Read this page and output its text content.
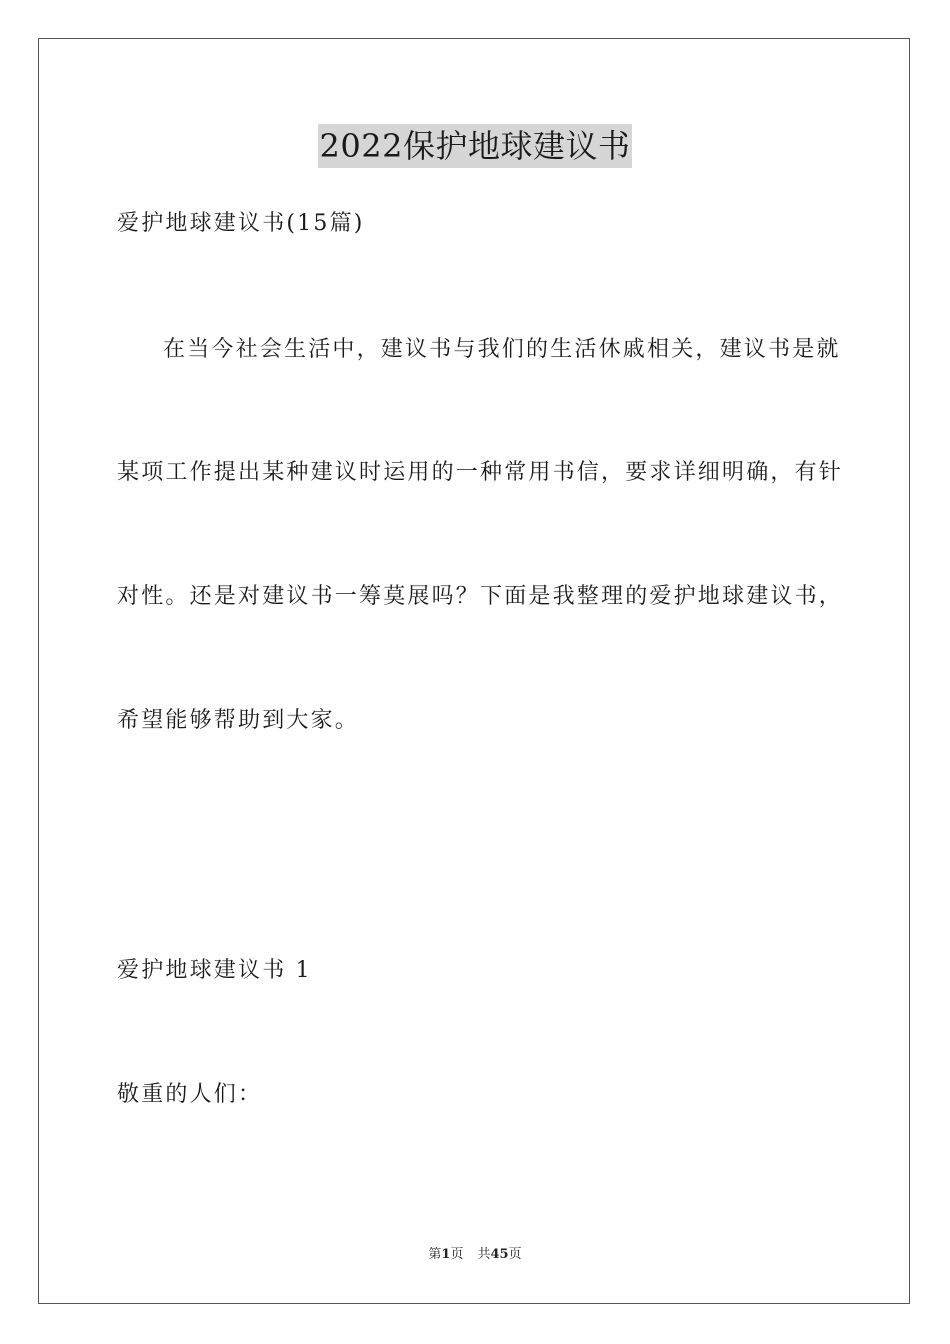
2022保护地球建议书
爱护地球建议书(15篇)
在当今社会生活中，建议书与我们的生活休戚相关，建议书是就
某项工作提出某种建议时运用的一种常用书信，要求详细明确，有针
对性。还是对建议书一筹莫展吗？下面是我整理的爱护地球建议书，
希望能够帮助到大家。
爱护地球建议书 1
敬重的人们：
第1页 共45页
